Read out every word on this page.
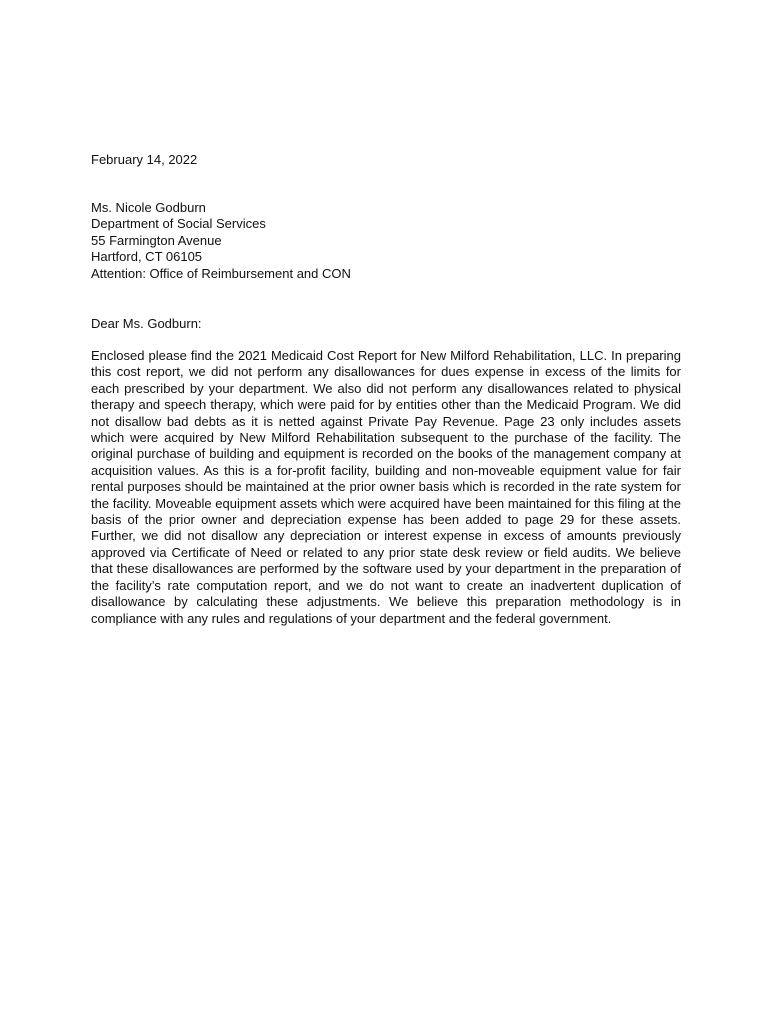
February 14, 2022

Ms. Nicole Godburn
Department of Social Services
55 Farmington Avenue
Hartford, CT 06105
Attention: Office of Reimbursement and CON

Dear Ms. Godburn:

Enclosed please find the 2021 Medicaid Cost Report for New Milford Rehabilitation, LLC. In preparing this cost report, we did not perform any disallowances for dues expense in excess of the limits for each prescribed by your department. We also did not perform any disallowances related to physical therapy and speech therapy, which were paid for by entities other than the Medicaid Program. We did not disallow bad debts as it is netted against Private Pay Revenue. Page 23 only includes assets which were acquired by New Milford Rehabilitation subsequent to the purchase of the facility. The original purchase of building and equipment is recorded on the books of the management company at acquisition values. As this is a for-profit facility, building and non-moveable equipment value for fair rental purposes should be maintained at the prior owner basis which is recorded in the rate system for the facility. Moveable equipment assets which were acquired have been maintained for this filing at the basis of the prior owner and depreciation expense has been added to page 29 for these assets. Further, we did not disallow any depreciation or interest expense in excess of amounts previously approved via Certificate of Need or related to any prior state desk review or field audits. We believe that these disallowances are performed by the software used by your department in the preparation of the facility’s rate computation report, and we do not want to create an inadvertent duplication of disallowance by calculating these adjustments. We believe this preparation methodology is in compliance with any rules and regulations of your department and the federal government.
